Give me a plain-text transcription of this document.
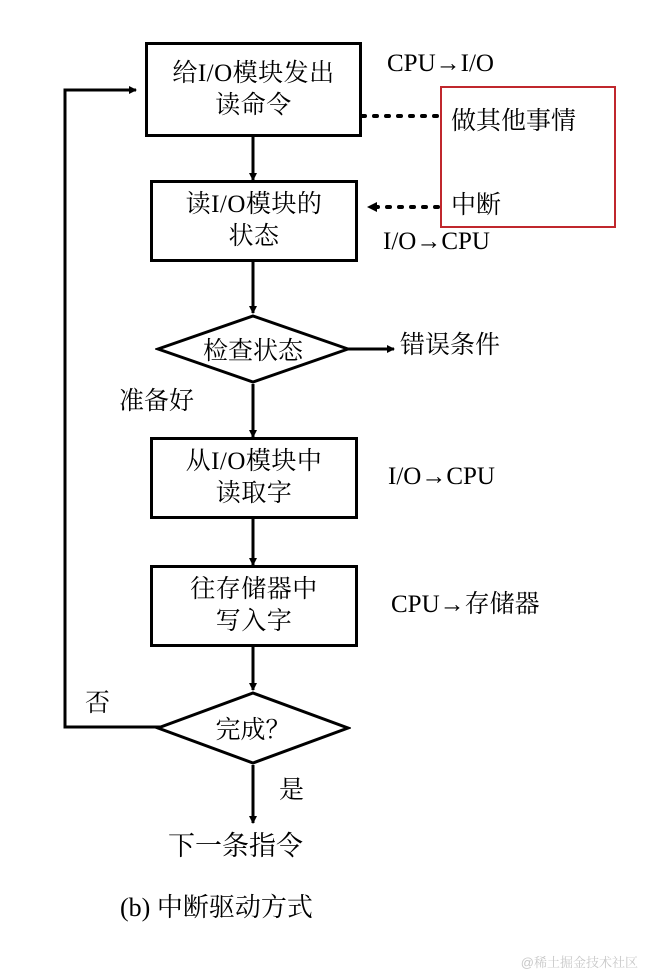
给I/O模块发出
读命令
读I/O模块的
状态
检查状态
从I/O模块中
读取字
往存储器中
写入字
完成？
下一条指令
做其他事情
CPU→I/O
中断
I/O→CPU
错误条件
准备好
I/O→CPU
CPU→存储器
否
是
(b) 中断驱动方式
@稀土掘金技术社区
